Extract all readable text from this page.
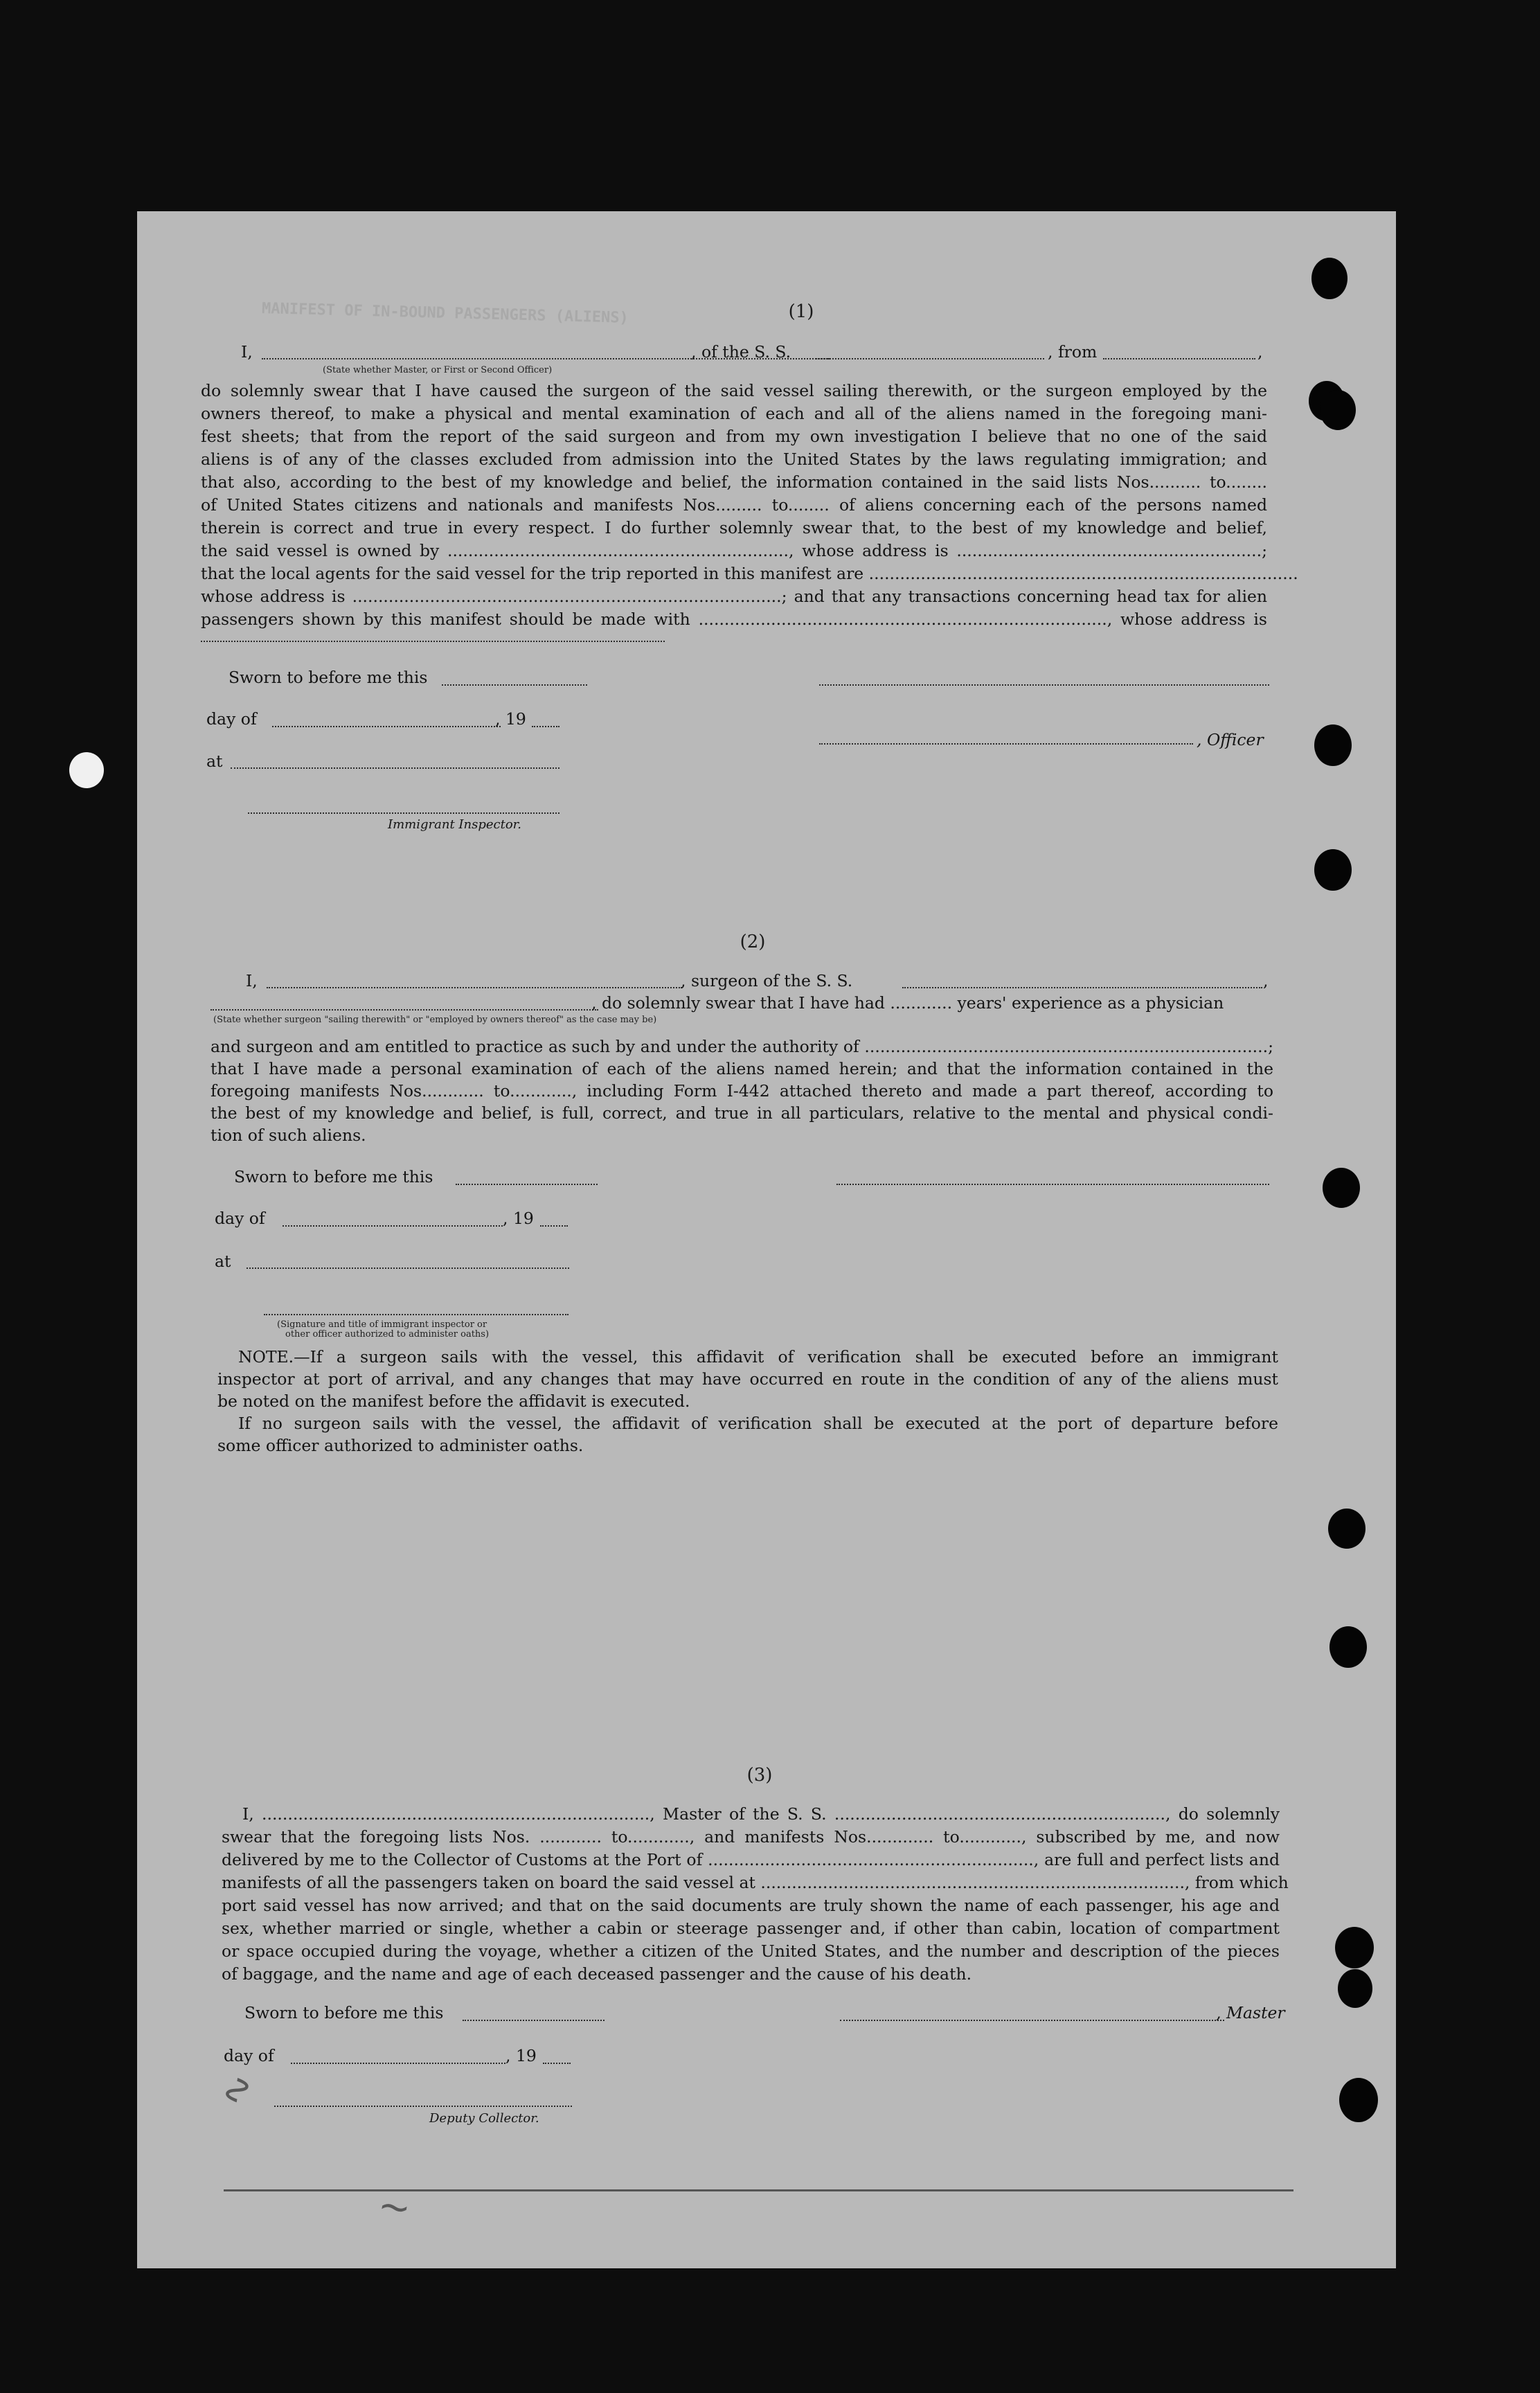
MANIFEST OF IN-BOUND PASSENGERS (ALIENS)	(1)
I,	, of the S. S.	, from	,
(State whether Master, or First or Second Officer)
do solemnly swear that I have caused the surgeon of the said vessel sailing therewith, or the surgeon employed by the
owners thereof, to make a physical and mental examination of each and all of the aliens named in the foregoing mani-
fest sheets; that from the report of the said surgeon and from my own investigation I believe that no one of the said
aliens is of any of the classes excluded from admission into the United States by the laws regulating immigration; and
that also, according to the best of my knowledge and belief, the information contained in the said lists Nos.......... to........
of United States citizens and nationals and manifests Nos......... to........ of aliens concerning each of the persons named
therein is correct and true in every respect. I do further solemnly swear that, to the best of my knowledge and belief,
the said vessel is owned by .................................................................., whose address is ...........................................................;
that the local agents for the said vessel for the trip reported in this manifest are ...................................................................................
whose address is ...................................................................................; and that any transactions concerning head tax for alien
passengers shown by this manifest should be made with ..............................................................................., whose address is
Sworn to before me this
day of	, 19
, Officer
at
Immigrant Inspector.
(2)
I,	, surgeon of the S. S.	,
, do solemnly swear that I have had ............ years' experience as a physician
(State whether surgeon "sailing therewith" or "employed by owners thereof" as the case may be)
and surgeon and am entitled to practice as such by and under the authority of ..............................................................................;
that I have made a personal examination of each of the aliens named herein; and that the information contained in the
foregoing manifests Nos............ to............, including Form I-442 attached thereto and made a part thereof, according to
the best of my knowledge and belief, is full, correct, and true in all particulars, relative to the mental and physical condi-
tion of such aliens.
Sworn to before me this
day of	, 19
at
(Signature and title of immigrant inspector or
other officer authorized to administer oaths)
NOTE.—If a surgeon sails with the vessel, this affidavit of verification shall be executed before an immigrant
inspector at port of arrival, and any changes that may have occurred en route in the condition of any of the aliens must
be noted on the manifest before the affidavit is executed.
If no surgeon sails with the vessel, the affidavit of verification shall be executed at the port of departure before
some officer authorized to administer oaths.
(3)
I, ..........................................................................., Master of the S. S. ................................................................, do solemnly
swear that the foregoing lists Nos. ............ to............, and manifests Nos............. to............, subscribed by me, and now
delivered by me to the Collector of Customs at the Port of ..............................................................., are full and perfect lists and
manifests of all the passengers taken on board the said vessel at .................................................................................., from which
port said vessel has now arrived; and that on the said documents are truly shown the name of each passenger, his age and
sex, whether married or single, whether a cabin or steerage passenger and, if other than cabin, location of compartment
or space occupied during the voyage, whether a citizen of the United States, and the number and description of the pieces
of baggage, and the name and age of each deceased passenger and the cause of his death.
Sworn to before me this	, Master
day of	, 19
Deputy Collector.
∿
≀
